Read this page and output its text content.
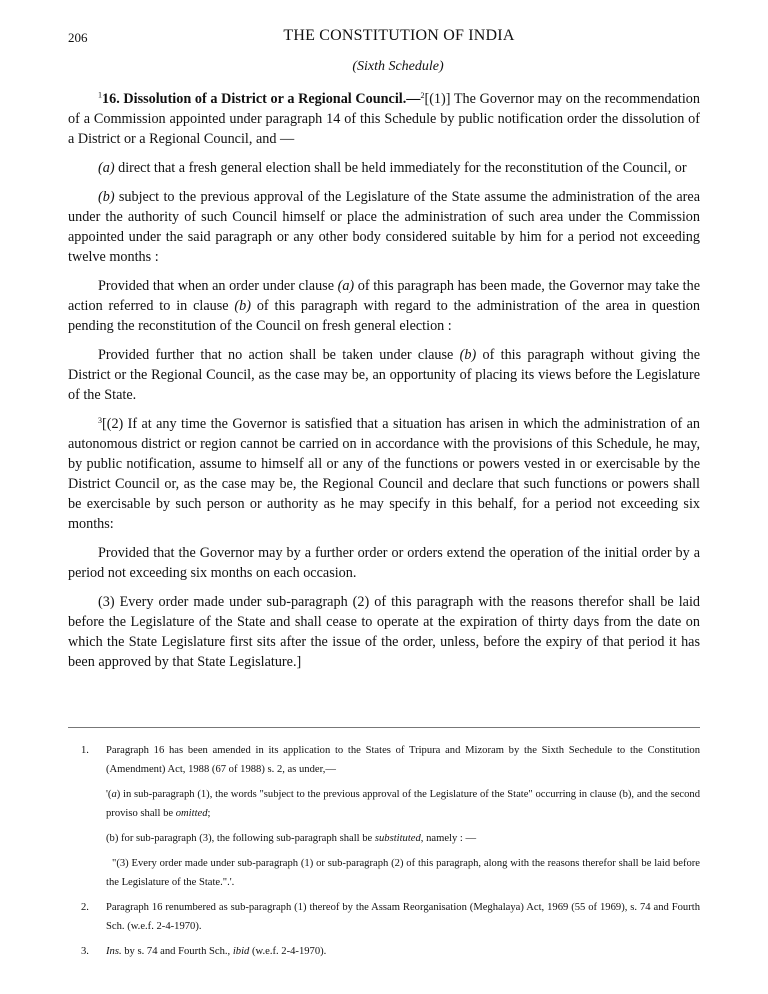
206	THE CONSTITUTION OF INDIA
(Sixth Schedule)

$^1$16. Dissolution of a District or a Regional Council.—$^2$[(1)] The Governor may on the recommendation of a Commission appointed under paragraph 14 of this Schedule by public notification order the dissolution of a District or a Regional Council, and —

(a) direct that a fresh general election shall be held immediately for the reconstitution of the Council, or

(b) subject to the previous approval of the Legislature of the State assume the administration of the area under the authority of such Council himself or place the administration of such area under the Commission appointed under the said paragraph or any other body considered suitable by him for a period not exceeding twelve months :

Provided that when an order under clause (a) of this paragraph has been made, the Governor may take the action referred to in clause (b) of this paragraph with regard to the administration of the area in question pending the reconstitution of the Council on fresh general election :

Provided further that no action shall be taken under clause (b) of this paragraph without giving the District or the Regional Council, as the case may be, an opportunity of placing its views before the Legislature of the State.

$^3$[(2) If at any time the Governor is satisfied that a situation has arisen in which the administration of an autonomous district or region cannot be carried on in accordance with the provisions of this Schedule, he may, by public notification, assume to himself all or any of the functions or powers vested in or exercisable by the District Council or, as the case may be, the Regional Council and declare that such functions or powers shall be exercisable by such person or authority as he may specify in this behalf, for a period not exceeding six months:

Provided that the Governor may by a further order or orders extend the operation of the initial order by a period not exceeding six months on each occasion.

(3) Every order made under sub-paragraph (2) of this paragraph with the reasons therefor shall be laid before the Legislature of the State and shall cease to operate at the expiration of thirty days from the date on which the State Legislature first sits after the issue of the order, unless, before the expiry of that period it has been approved by that State Legislature.]

1. Paragraph 16 has been amended in its application to the States of Tripura and Mizoram by the Sixth Sechedule to the Constitution (Amendment) Act, 1988 (67 of 1988) s. 2, as under,—
'(a) in sub-paragraph (1), the words "subject to the previous approval of the Legislature of the State" occurring in clause (b), and the second proviso shall be omitted;
(b) for sub-paragraph (3), the following sub-paragraph shall be substituted, namely : —
"(3) Every order made under sub-paragraph (1) or sub-paragraph (2) of this paragraph, along with the reasons therefor shall be laid before the Legislature of the State.".'.
2. Paragraph 16 renumbered as sub-paragraph (1) thereof by the Assam Reorganisation (Meghalaya) Act, 1969 (55 of 1969), s. 74 and Fourth Sch. (w.e.f. 2-4-1970).
3. Ins. by s. 74 and Fourth Sch., ibid (w.e.f. 2-4-1970).
